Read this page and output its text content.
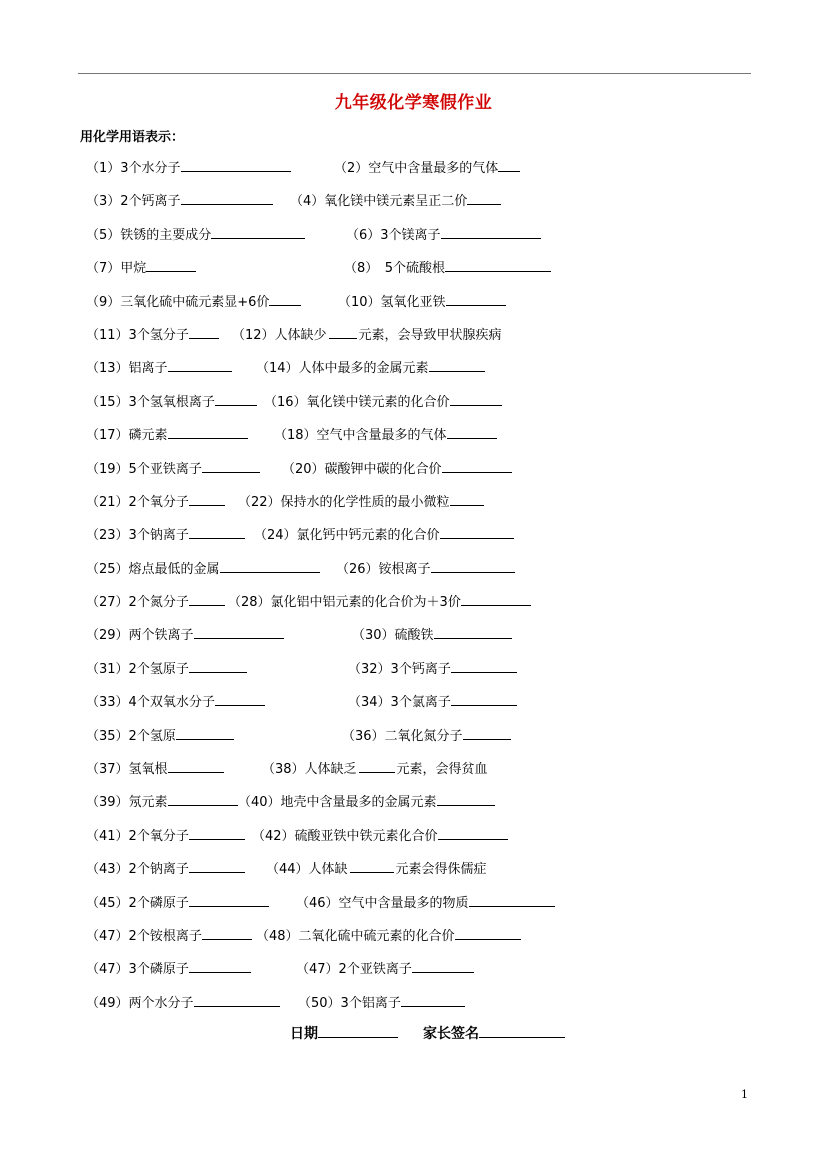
九年级化学寒假作业
用化学用语表示：
（1）3个水分子	（2）空气中含量最多的气体
（3）2个钙离子	（4）氧化镁中镁元素呈正二价
（5）铁锈的主要成分	（6）3个镁离子
（7）甲烷	（8）　5个硫酸根
（9）三氧化硫中硫元素显+6价	（10）氢氧化亚铁
（11）3个氢分子	（12）人体缺少 元素，会导致甲状腺疾病
（13）铝离子	（14）人体中最多的金属元素
（15）3个氢氧根离子	（16）氧化镁中镁元素的化合价
（17）磷元素	（18）空气中含量最多的气体
（19）5个亚铁离子	（20）碳酸钾中碳的化合价
（21）2个氧分子	（22）保持水的化学性质的最小微粒
（23）3个钠离子	（24）氯化钙中钙元素的化合价
（25）熔点最低的金属	（26）铵根离子
（27）2个氮分子	（28）氯化铝中铝元素的化合价为＋3价
（29）两个铁离子	（30）硫酸铁
（31）2个氢原子	（32）3个钙离子
（33）4个双氧水分子	（34）3个氯离子
（35）2个氢原	（36）二氧化氮分子
（37）氢氧根	（38）人体缺乏	元素，会得贫血
（39）氖元素	（40）地壳中含量最多的金属元素
（41）2个氧分子	（42）硫酸亚铁中铁元素化合价
（43）2个钠离子	（44）人体缺	元素会得侏儒症
（45）2个磷原子	（46）空气中含量最多的物质
（47）2个铵根离子	（48）二氧化硫中硫元素的化合价
（47）3个磷原子	（47）2个亚铁离子
（49）两个水分子	（50）3个铝离子
日期	家长签名
1
